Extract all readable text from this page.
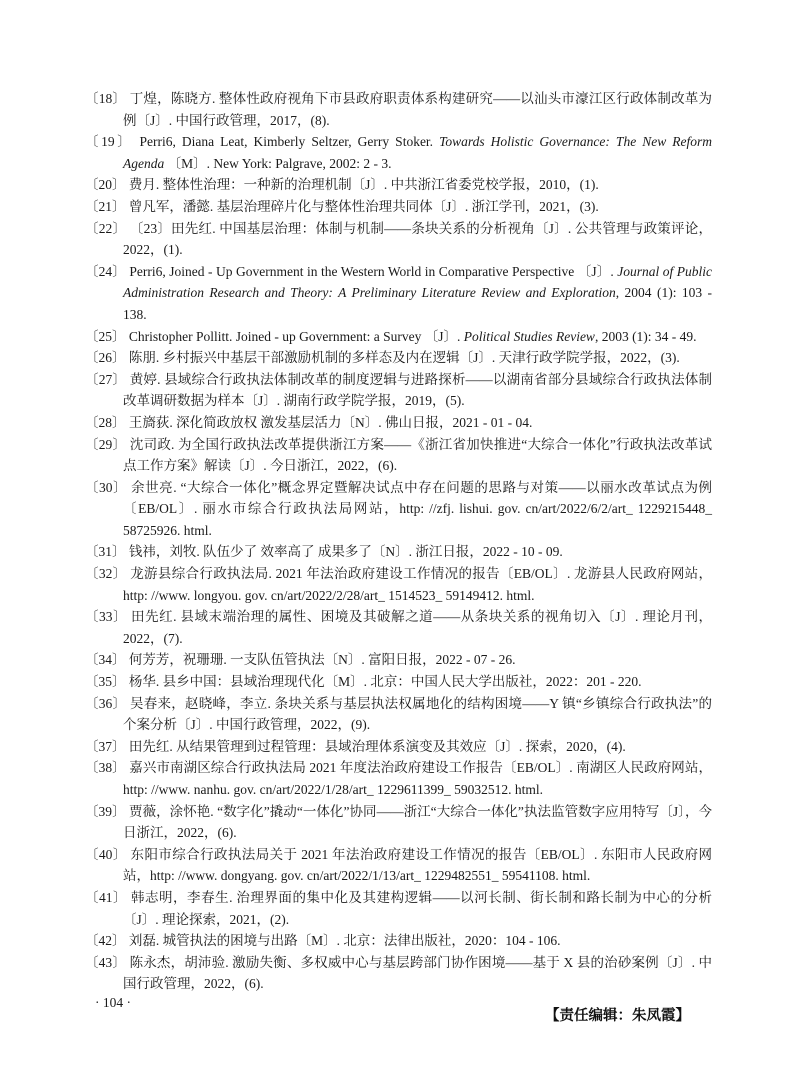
〔18〕 丁煌，陈晓方. 整体性政府视角下市县政府职责体系构建研究——以汕头市濠江区行政体制改革为例〔J〕. 中国行政管理，2017，(8).
〔19〕 Perri6, Diana Leat, Kimberly Seltzer, Gerry Stoker. Towards Holistic Governance: The New Reform Agenda 〔M〕. New York: Palgrave, 2002: 2 - 3.
〔20〕 费月. 整体性治理：一种新的治理机制〔J〕. 中共浙江省委党校学报，2010，(1).
〔21〕 曾凡军，潘懿. 基层治理碎片化与整体性治理共同体〔J〕. 浙江学刊，2021，(3).
〔22〕 〔23〕田先红. 中国基层治理：体制与机制——条块关系的分析视角〔J〕. 公共管理与政策评论，2022，(1).
〔24〕 Perri6, Joined - Up Government in the Western World in Comparative Perspective 〔J〕. Journal of Public Administration Research and Theory: A Preliminary Literature Review and Exploration, 2004 (1): 103 - 138.
〔25〕 Christopher Pollitt. Joined - up Government: a Survey 〔J〕. Political Studies Review, 2003 (1): 34 - 49.
〔26〕 陈朋. 乡村振兴中基层干部激励机制的多样态及内在逻辑〔J〕. 天津行政学院学报，2022，(3).
〔27〕 黄婷. 县域综合行政执法体制改革的制度逻辑与进路探析——以湖南省部分县域综合行政执法体制改革调研数据为样本〔J〕. 湖南行政学院学报，2019，(5).
〔28〕 王旖荻. 深化简政放权 激发基层活力〔N〕. 佛山日报，2021 - 01 - 04.
〔29〕 沈司政. 为全国行政执法改革提供浙江方案——《浙江省加快推进“大综合一体化”行政执法改革试点工作方案》解读〔J〕. 今日浙江，2022，(6).
〔30〕 余世亮. “大综合一体化”概念界定暨解决试点中存在问题的思路与对策——以丽水改革试点为例〔EB/OL〕. 丽水市综合行政执法局网站，http: //zfj. lishui. gov. cn/art/2022/6/2/art_ 1229215448_ 58725926. html.
〔31〕 钱祎，刘牧. 队伍少了 效率高了 成果多了〔N〕. 浙江日报，2022 - 10 - 09.
〔32〕 龙游县综合行政执法局. 2021 年法治政府建设工作情况的报告〔EB/OL〕. 龙游县人民政府网站，http: //www. longyou. gov. cn/art/2022/2/28/art_ 1514523_ 59149412. html.
〔33〕 田先红. 县域末端治理的属性、困境及其破解之道——从条块关系的视角切入〔J〕. 理论月刊，2022，(7).
〔34〕 何芳芳，祝珊珊. 一支队伍管执法〔N〕. 富阳日报，2022 - 07 - 26.
〔35〕 杨华. 县乡中国：县域治理现代化〔M〕. 北京：中国人民大学出版社，2022：201 - 220.
〔36〕 吴春来，赵晓峰，李立. 条块关系与基层执法权属地化的结构困境——Y 镇“乡镇综合行政执法”的个案分析〔J〕. 中国行政管理，2022，(9).
〔37〕 田先红. 从结果管理到过程管理：县域治理体系演变及其效应〔J〕. 探索，2020，(4).
〔38〕 嘉兴市南湖区综合行政执法局 2021 年度法治政府建设工作报告〔EB/OL〕. 南湖区人民政府网站，http: //www. nanhu. gov. cn/art/2022/1/28/art_ 1229611399_ 59032512. html.
〔39〕 贾薇，涂怀艳. “数字化”撬动“一体化”协同——浙江“大综合一体化”执法监管数字应用特写〔J〕，今日浙江，2022，(6).
〔40〕 东阳市综合行政执法局关于 2021 年法治政府建设工作情况的报告〔EB/OL〕. 东阳市人民政府网站，http: //www. dongyang. gov. cn/art/2022/1/13/art_ 1229482551_ 59541108. html.
〔41〕 韩志明，李春生. 治理界面的集中化及其建构逻辑——以河长制、街长制和路长制为中心的分析〔J〕. 理论探索，2021，(2).
〔42〕 刘磊. 城管执法的困境与出路〔M〕. 北京：法律出版社，2020：104 - 106.
〔43〕 陈永杰，胡沛验. 激励失衡、多权威中心与基层跨部门协作困境——基于 X 县的治砂案例〔J〕. 中国行政管理，2022，(6).
【责任编辑：朱凤霞】
· 104 ·
